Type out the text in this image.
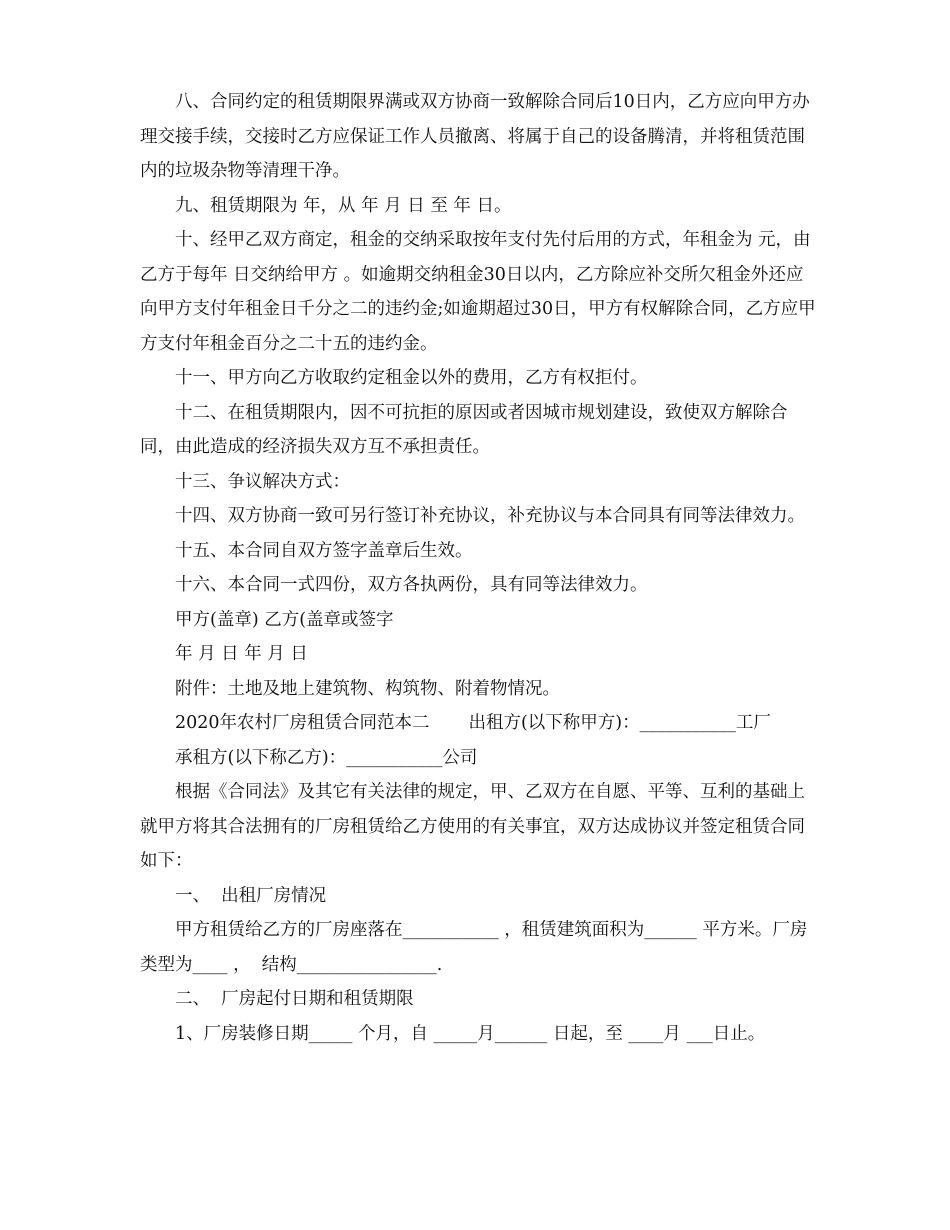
八、合同约定的租赁期限界满或双方协商一致解除合同后10日内，乙方应向甲方办理交接手续，交接时乙方应保证工作人员撤离、将属于自己的设备腾清，并将租赁范围内的垃圾杂物等清理干净。

九、租赁期限为 年，从 年 月 日 至 年 日。

十、经甲乙双方商定，租金的交纳采取按年支付先付后用的方式，年租金为 元，由乙方于每年 日交纳给甲方 。如逾期交纳租金30日以内，乙方除应补交所欠租金外还应向甲方支付年租金日千分之二的违约金;如逾期超过30日，甲方有权解除合同，乙方应甲方支付年租金百分之二十五的违约金。

十一、甲方向乙方收取约定租金以外的费用，乙方有权拒付。

十二、在租赁期限内，因不可抗拒的原因或者因城市规划建设，致使双方解除合同，由此造成的经济损失双方互不承担责任。

十三、争议解决方式：

十四、双方协商一致可另行签订补充协议，补充协议与本合同具有同等法律效力。

十五、本合同自双方签字盖章后生效。

十六、本合同一式四份，双方各执两份，具有同等法律效力。

甲方(盖章) 乙方(盖章或签字

年 月 日 年 月 日

附件：土地及地上建筑物、构筑物、附着物情况。

2020年农村厂房租赁合同范本二       出租方(以下称甲方)：___________工厂

承租方(以下称乙方)：___________公司

根据《合同法》及其它有关法律的规定，甲、乙双方在自愿、平等、互利的基础上就甲方将其合法拥有的厂房租赁给乙方使用的有关事宜，双方达成协议并签定租赁合同如下：

一、  出租厂房情况

甲方租赁给乙方的厂房座落在___________ ，租赁建筑面积为______ 平方米。厂房类型为____ ，  结构________________.

二、  厂房起付日期和租赁期限

1、厂房装修日期_____ 个月，自 _____月______ 日起，至 ____月 ___日止。
